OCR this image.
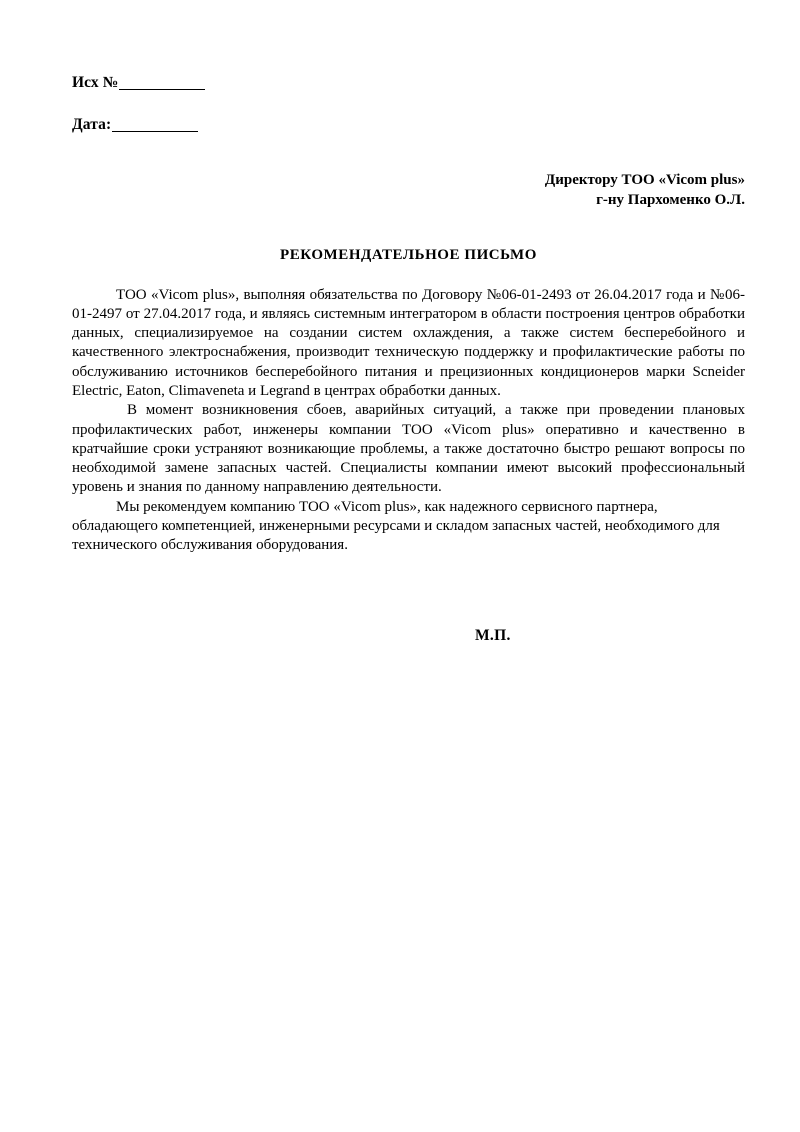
Исх №
Дата:
Директору ТОО «Vicom plus»
г-ну Пархоменко О.Л.
РЕКОМЕНДАТЕЛЬНОЕ ПИСЬМО

ТОО «Vicom plus», выполняя обязательства по Договору №06-01-2493 от 26.04.2017 года и №06-01-2497 от 27.04.2017 года, и являясь системным интегратором в области построения центров обработки данных, специализируемое на создании систем охлаждения, а также систем бесперебойного и качественного электроснабжения, производит техническую поддержку и профилактические работы по обслуживанию источников бесперебойного питания и прецизионных кондиционеров марки Scneider Electric, Eaton, Climaveneta и Legrand в центрах обработки данных.

В момент возникновения сбоев, аварийных ситуаций, а также при проведении плановых профилактических работ, инженеры компании ТОО «Vicom plus» оперативно и качественно в кратчайшие сроки устраняют возникающие проблемы, а также достаточно быстро решают вопросы по необходимой замене запасных частей. Специалисты компании имеют высокий профессиональный уровень и знания по данному направлению деятельности.

Мы рекомендуем компанию ТОО «Vicom plus», как надежного сервисного партнера, обладающего компетенцией, инженерными ресурсами и складом запасных частей, необходимого для технического обслуживания оборудования.

М.П.
